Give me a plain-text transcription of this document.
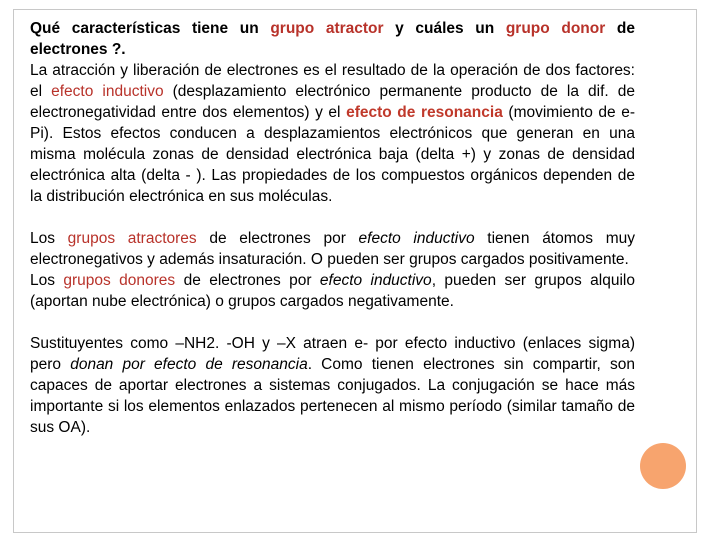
Qué características tiene un grupo atractor y cuáles un grupo donor de electrones ?.

La atracción y liberación de electrones es el resultado de la operación de dos factores: el efecto inductivo (desplazamiento electrónico permanente producto de la dif. de electronegatividad entre dos elementos) y el efecto de resonancia (movimiento de e- Pi). Estos efectos conducen a desplazamientos electrónicos que generan en una misma molécula zonas de densidad electrónica baja (delta +) y zonas de densidad electrónica alta (delta - ). Las propiedades de los compuestos orgánicos dependen de la distribución electrónica en sus moléculas.

Los grupos atractores de electrones por efecto inductivo tienen átomos muy electronegativos y además insaturación. O pueden ser grupos cargados positivamente.

Los grupos donores de electrones por efecto inductivo, pueden ser grupos alquilo (aportan nube electrónica) o grupos cargados negativamente.

Sustituyentes como –NH2. -OH y –X atraen e- por efecto inductivo (enlaces sigma) pero donan por efecto de resonancia. Como tienen electrones sin compartir, son capaces de aportar electrones a sistemas conjugados. La conjugación se hace más importante si los elementos enlazados pertenecen al mismo período (similar tamaño de sus OA).
